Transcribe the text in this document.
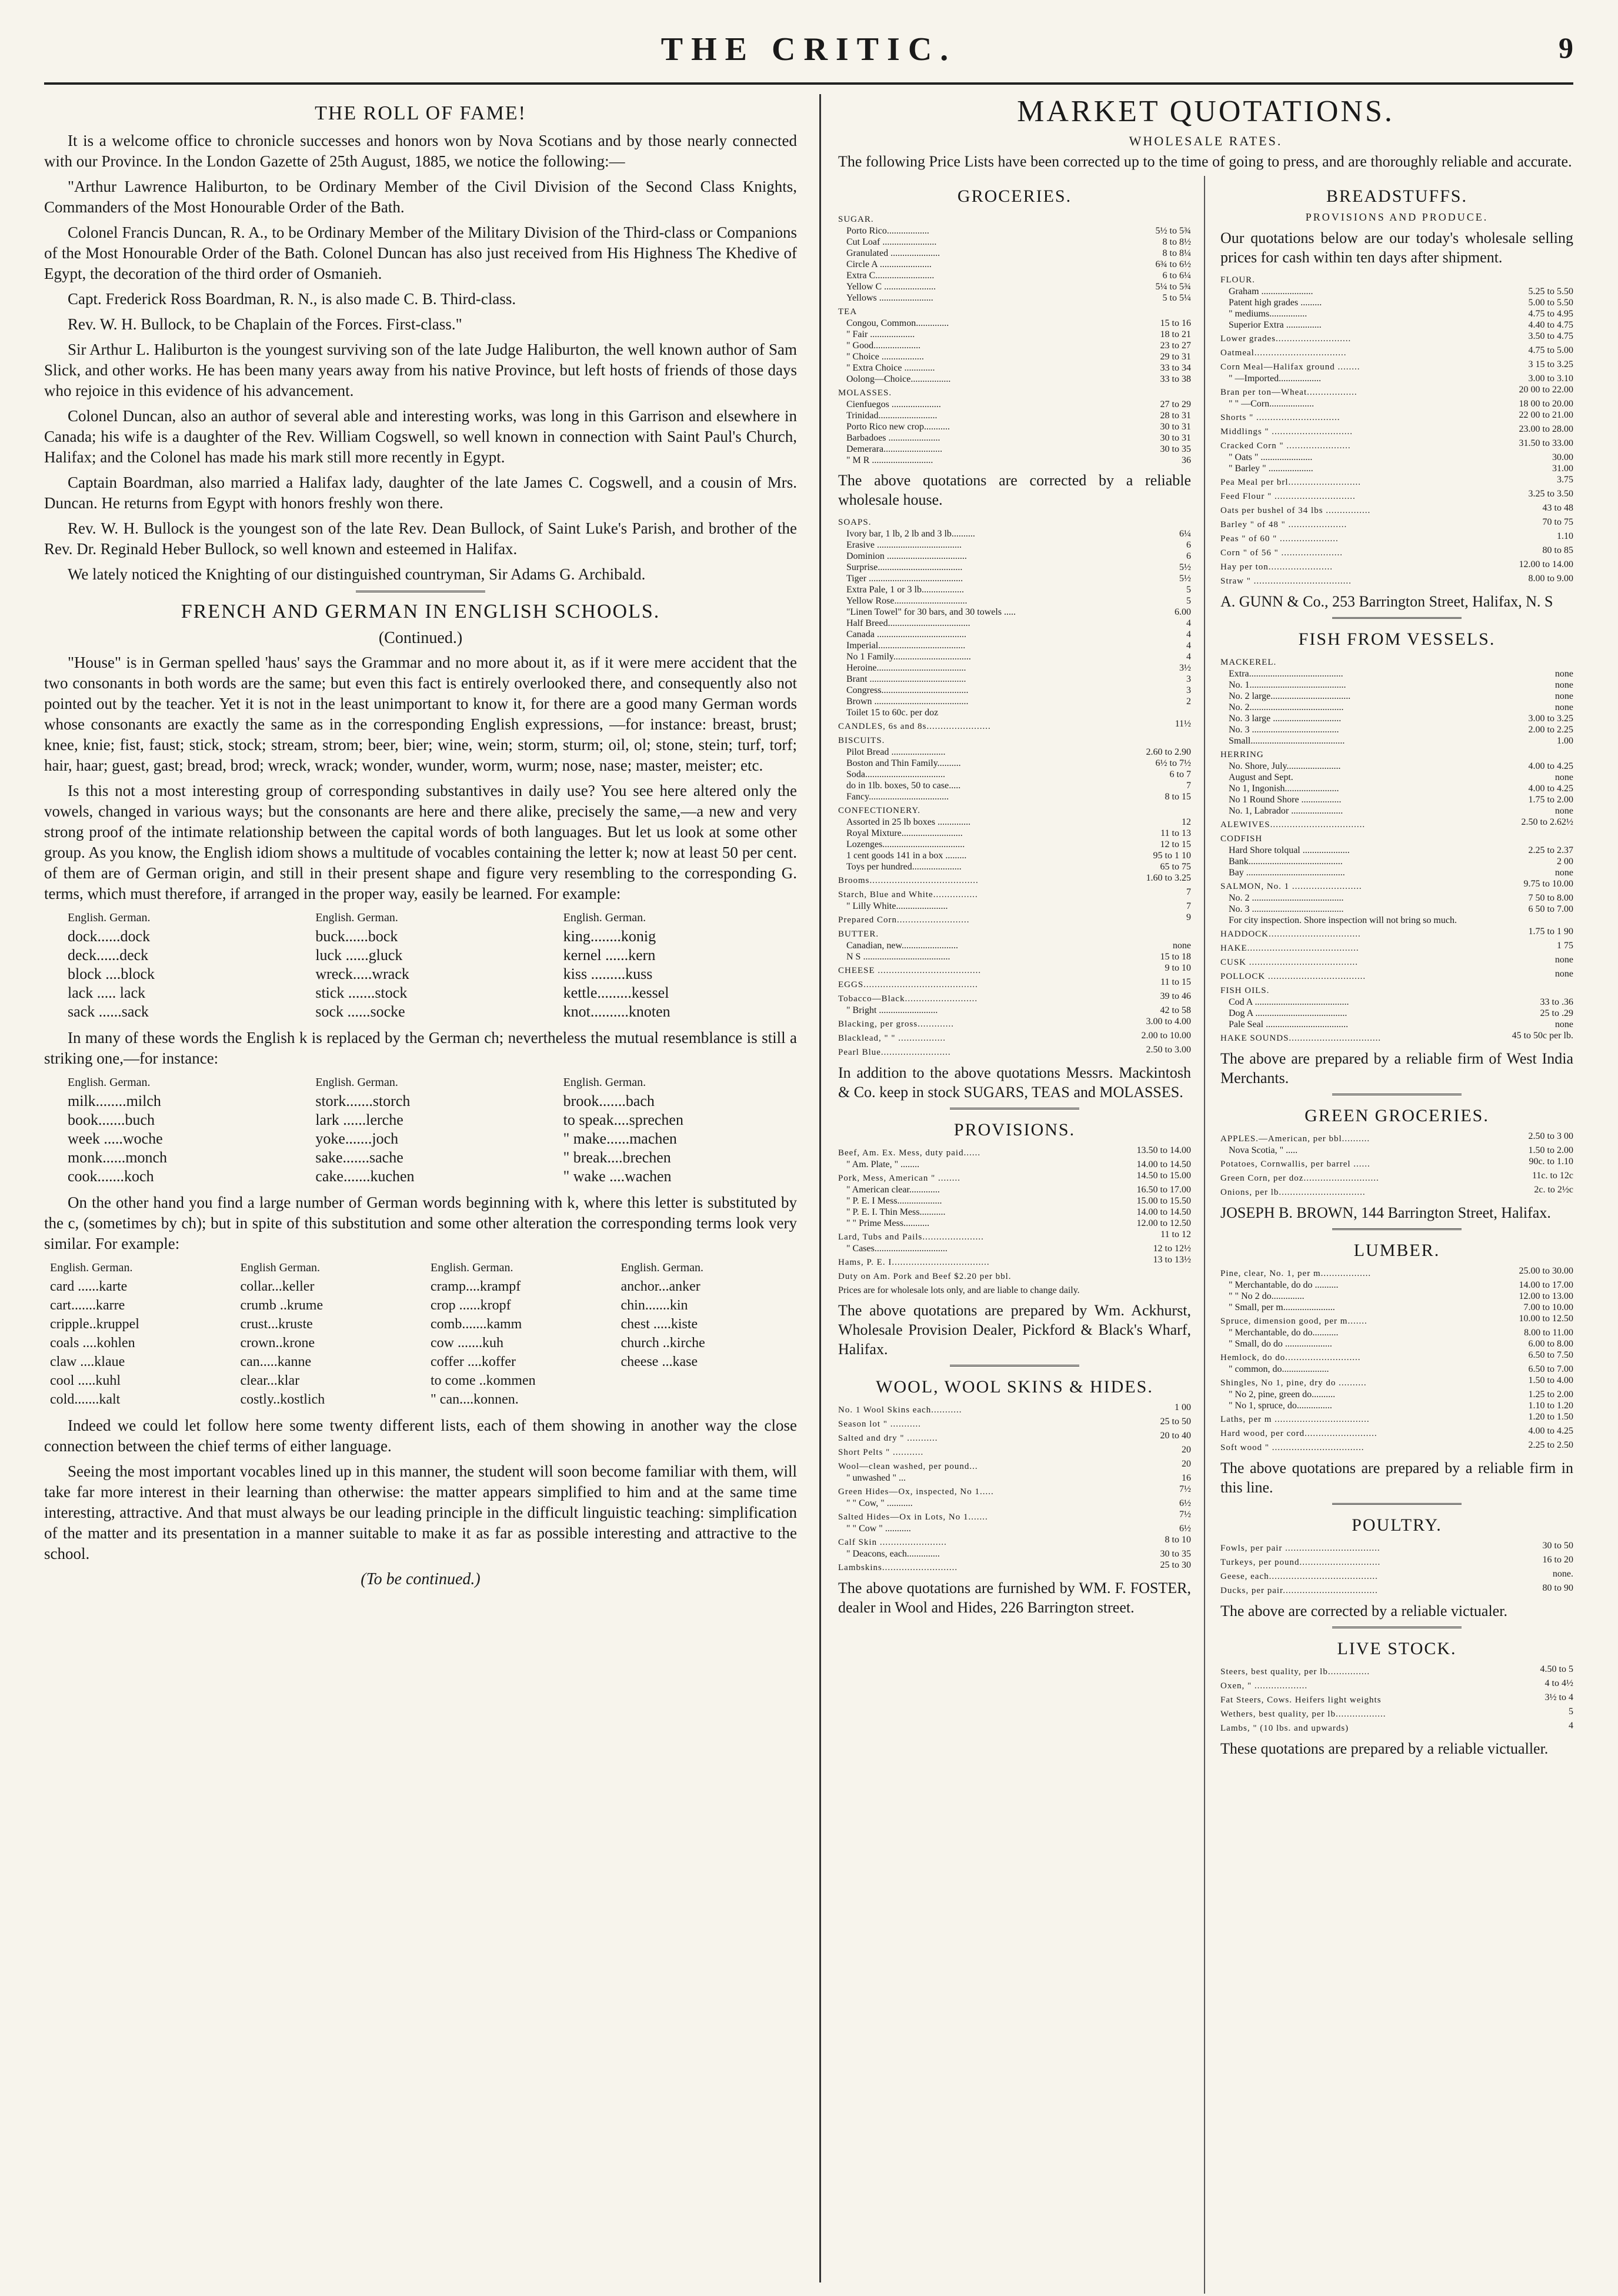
THE CRITIC.	9
THE ROLL OF FAME!

It is a welcome office to chronicle successes and honors won by Nova Scotians and by those nearly connected with our Province. In the London Gazette of 25th August, 1885, we notice the following:—

"Arthur Lawrence Haliburton, to be Ordinary Member of the Civil Division of the Second Class Knights, Commanders of the Most Honourable Order of the Bath.

Colonel Francis Duncan, R. A., to be Ordinary Member of the Military Division of the Third-class or Companions of the Most Honourable Order of the Bath. Colonel Duncan has also just received from His Highness The Khedive of Egypt, the decoration of the third order of Osmanieh.

Capt. Frederick Ross Boardman, R. N., is also made C. B. Third-class.

Rev. W. H. Bullock, to be Chaplain of the Forces. First-class."

Sir Arthur L. Haliburton is the youngest surviving son of the late Judge Haliburton, the well known author of Sam Slick, and other works. He has been many years away from his native Province, but left hosts of friends of those days who rejoice in this evidence of his advancement.

Colonel Duncan, also an author of several able and interesting works, was long in this Garrison and elsewhere in Canada; his wife is a daughter of the Rev. William Cogswell, so well known in connection with Saint Paul's Church, Halifax; and the Colonel has made his mark still more recently in Egypt.

Captain Boardman, also married a Halifax lady, daughter of the late James C. Cogswell, and a cousin of Mrs. Duncan. He returns from Egypt with honors freshly won there.

Rev. W. H. Bullock is the youngest son of the late Rev. Dean Bullock, of Saint Luke's Parish, and brother of the Rev. Dr. Reginald Heber Bullock, so well known and esteemed in Halifax.

We lately noticed the Knighting of our distinguished countryman, Sir Adams G. Archibald.

FRENCH AND GERMAN IN ENGLISH SCHOOLS.
(Continued.)

"House" is in German spelled 'haus' says the Grammar and no more about it, as if it were mere accident that the two consonants in both words are the same; but even this fact is entirely overlooked there, and consequently also not pointed out by the teacher. Yet it is not in the least unimportant to know it, for there are a good many German words whose consonants are exactly the same as in the corresponding English expressions, —for instance: breast, brust; knee, knie; fist, faust; stick, stock; stream, strom; beer, bier; wine, wein; storm, sturm; oil, ol; stone, stein; turf, torf; hair, haar; guest, gast; bread, brod; wreck, wrack; wonder, wunder, worm, wurm; nose, nase; master, meister; etc.

Is this not a most interesting group of corresponding substantives in daily use? You see here altered only the vowels, changed in various ways; but the consonants are here and there alike, precisely the same,—a new and very strong proof of the intimate relationship between the capital words of both languages. But let us look at some other group. As you know, the English idiom shows a multitude of vocables containing the letter k; now at least 50 per cent. of them are of German origin, and still in their present shape and figure very resembling to the corresponding G. terms, which must therefore, if arranged in the proper way, easily be learned. For example:

English. German.	English. German.	English. German.
dock......dock	buck......bock	king........konig
deck......deck	luck ......gluck	kernel ......kern
block ....block	wreck.....wrack	kiss .........kuss
lack ..... lack	stick .......stock	kettle.........kessel
sack ......sack	sock ......socke	knot..........knoten

In many of these words the English k is replaced by the German ch; nevertheless the mutual resemblance is still a striking one,—for instance:

English. German.	English. German.	English. German.
milk........milch	stork.......storch	brook.......bach
book.......buch	lark ......lerche	to speak....sprechen
week .....woche	yoke.......joch	" make......machen
monk......monch	sake.......sache	" break....brechen
cook.......koch	cake.......kuchen	" wake ....wachen

On the other hand you find a large number of German words beginning with k, where this letter is substituted by the c, (sometimes by ch); but in spite of this substitution and some other alteration the corresponding terms look very similar. For example:

English. German.	English German.	English. German.	English. German.
card ......karte	collar...keller	cramp....krampf	anchor...anker
cart.......karre	crumb ..krume	crop ......kropf	chin.......kin
cripple..kruppel	crust...kruste	comb.......kamm	chest .....kiste
coals ....kohlen	crown..krone	cow .......kuh	church ..kirche
claw ....klaue	can.....kanne	coffer ....koffer	cheese ...kase
cool .....kuhl	clear...klar	to come ..kommen
cold.......kalt	costly..kostlich	" can....konnen.

Indeed we could let follow here some twenty different lists, each of them showing in another way the close connection between the chief terms of either language.

Seeing the most important vocables lined up in this manner, the student will soon become familiar with them, will take far more interest in their learning than otherwise: the matter appears simplified to him and at the same time interesting, attractive. And that must always be our leading principle in the difficult linguistic teaching: simplification of the matter and its presentation in a manner suitable to make it as far as possible interesting and attractive to the school.

(To be continued.)
MARKET QUOTATIONS.
WHOLESALE RATES.

The following Price Lists have been corrected up to the time of going to press, and are thoroughly reliable and accurate.

GROCERIES.
SUGAR.	
Porto Rico..................	5½ to 5¾
Cut Loaf .......................	8 to 8½
Granulated .....................	8 to 8¼
Circle A ......................	6¾ to 6½
Extra C.........................	6 to 6¼
Yellow C ......................	5¼ to 5¾
Yellows .......................	5 to 5¼
TEA	
Congou, Common..............	15 to 16
" Fair ...................	18 to 21
" Good....................	23 to 27
" Choice ..................	29 to 31
" Extra Choice .............	33 to 34
Oolong—Choice.................	33 to 38
MOLASSES.	
Cienfuegos .....................	27 to 29
Trinidad.........................	28 to 31
Porto Rico new crop...........	30 to 31
Barbadoes ......................	30 to 31
Demerara.........................	30 to 35
" M R ..........................	36
The above quotations are corrected by a reliable wholesale house.
SOAPS.	
Ivory bar, 1 lb, 2 lb and 3 lb..........	6¼
Erasive ....................................	6
Dominion ..................................	6
Surprise....................................	5½
Tiger ........................................	5½
Extra Pale, 1 or 3 lb..................	5
Yellow Rose...............................	5
"Linen Towel" for 30 bars, and 30 towels .....	6.00
Half Breed...................................	4
Canada ......................................	4
Imperial.....................................	4
No 1 Family.................................	4
Heroine......................................	3½
Brant .........................................	3
Congress.....................................	3
Brown ........................................	2
Toilet 15 to 60c. per doz	
CANDLES, 6s and 8s.......................	11½
BISCUITS.	
Pilot Bread .......................	2.60 to 2.90
Boston and Thin Family..........	6½ to 7½
Soda..................................	6 to 7
do in 1lb. boxes, 50 to case.....	7
Fancy..................................	8 to 15
CONFECTIONERY.	
Assorted in 25 lb boxes ..............	12
Royal Mixture..........................	11 to 13
Lozenges...................................	12 to 15
1 cent goods 141 in a box .........	95 to 1 10
Toys per hundred.....................	65 to 75
Brooms.......................................	1.60 to 3.25
Starch, Blue and White................	7
" Lilly White......................	7
Prepared Corn..........................	9
BUTTER.	
Canadian, new........................	none
N S .....................................	15 to 18
CHEESE .....................................	9 to 10
EGGS.........................................	11 to 15
Tobacco—Black..........................	39 to 46
" Bright .........................	42 to 58
Blacking, per gross.............	3.00 to 4.00
Blacklead, " " .................	2.00 to 10.00
Pearl Blue.........................	2.50 to 3.00
In addition to the above quotations Messrs. Mackintosh & Co. keep in stock SUGARS, TEAS and MOLASSES.
PROVISIONS.
Beef, Am. Ex. Mess, duty paid......	13.50 to 14.00
" Am. Plate, " ........	14.00 to 14.50
Pork, Mess, American " ........	14.50 to 15.00
" American clear.............	16.50 to 17.00
" P. E. I Mess...................	15.00 to 15.50
" P. E. I. Thin Mess...........	14.00 to 14.50
" " Prime Mess...........	12.00 to 12.50
Lard, Tubs and Pails......................	11 to 12
" Cases...............................	12 to 12½
Hams, P. E. I...................................	13 to 13½
Duty on Am. Pork and Beef $2.20 per bbl.	
Prices are for wholesale lots only, and are liable to change daily.
The above quotations are prepared by Wm. Ackhurst, Wholesale Provision Dealer, Pickford & Black's Wharf, Halifax.
WOOL, WOOL SKINS & HIDES.
No. 1 Wool Skins each...........	1 00
Season lot " ...........	25 to 50
Salted and dry " ...........	20 to 40
Short Pelts " ...........	20
Wool—clean washed, per pound...	20
" unwashed " ...	16
Green Hides—Ox, inspected, No 1.....	7½
" " Cow, " ...........	6½
Salted Hides—Ox in Lots, No 1.......	7½
" " Cow " ...........	6½
Calf Skin ........................	8 to 10
" Deacons, each..............	30 to 35
Lambskins...........................	25 to 30
The above quotations are furnished by WM. F. FOSTER, dealer in Wool and Hides, 226 Barrington street.
BREADSTUFFS.
PROVISIONS AND PRODUCE.
Our quotations below are our today's wholesale selling prices for cash within ten days after shipment.
FLOUR.	
Graham ......................	5.25 to 5.50
Patent high grades .........	5.00 to 5.50
" mediums................	4.75 to 4.95
Superior Extra ...............	4.40 to 4.75
Lower grades...........................	3.50 to 4.75
Oatmeal.................................	4.75 to 5.00
Corn Meal—Halifax ground ........	3 15 to 3.25
" —Imported..................	3.00 to 3.10
Bran per ton—Wheat..................	20 00 to 22.00
" " —Corn...................	18 00 to 20.00
Shorts " ..............................	22 00 to 21.00
Middlings " .............................	23.00 to 28.00
Cracked Corn " .......................	31.50 to 33.00
" Oats " ......................	30.00
" Barley " ...................	31.00
Pea Meal per brl..........................	3.75
Feed Flour " .............................	3.25 to 3.50
Oats per bushel of 34 lbs ................	43 to 48
Barley " of 48 " .....................	70 to 75
Peas " of 60 " .....................	1.10
Corn " of 56 " ......................	80 to 85
Hay per ton.......................	12.00 to 14.00
Straw " ...................................	8.00 to 9.00
A. GUNN & Co., 253 Barrington Street, Halifax, N. S
FISH FROM VESSELS.
MACKEREL.	
Extra........................................	none
No. 1.........................................	none
No. 2 large..................................	none
No. 2........................................	none
No. 3 large .............................	3.00 to 3.25
No. 3 .....................................	2.00 to 2.25
Small........................................	1.00
HERRING	
No. Shore, July.......................	4.00 to 4.25
August and Sept.	none
No 1, Ingonish.......................	4.00 to 4.25
No 1 Round Shore .................	1.75 to 2.00
No. 1, Labrador ......................	none
ALEWIVES..................................	2.50 to 2.62½
CODFISH	
Hard Shore tolqual ....................	2.25 to 2.37
Bank........................................	2 00
Bay ..........................................	none
SALMON, No. 1 .........................	9.75 to 10.00
No. 2 .......................................	7 50 to 8.00
No. 3 .......................................	6 50 to 7.00
For city inspection. Shore inspection will not bring so much.	
HADDOCK.................................	1.75 to 1 90
HAKE........................................	1 75
CUSK .......................................	none
POLLOCK ...................................	none
FISH OILS.	
Cod A ........................................	33 to .36
Dog A .......................................	25 to .29
Pale Seal ...................................	none
HAKE SOUNDS.................................	45 to 50c per lb.
The above are prepared by a reliable firm of West India Merchants.
GREEN GROCERIES.
APPLES.—American, per bbl..........	2.50 to 3 00
Nova Scotia, " .....	1.50 to 2.00
Potatoes, Cornwallis, per barrel ......	90c. to 1.10
Green Corn, per doz...........................	11c. to 12c
Onions, per lb...............................	2c. to 2½c
JOSEPH B. BROWN, 144 Barrington Street, Halifax.
LUMBER.
Pine, clear, No. 1, per m..................	25.00 to 30.00
" Merchantable, do do ..........	14.00 to 17.00
" " No 2 do..............	12.00 to 13.00
" Small, per m......................	7.00 to 10.00
Spruce, dimension good, per m.......	10.00 to 12.50
" Merchantable, do do...........	8.00 to 11.00
" Small, do do ....................	6.00 to 8.00
Hemlock, do do...........................	6.50 to 7.50
" common, do....................	6.50 to 7.00
Shingles, No 1, pine, dry do ..........	1.50 to 4.00
" No 2, pine, green do..........	1.25 to 2.00
" No 1, spruce, do...............	1.10 to 1.20
Laths, per m ..................................	1.20 to 1.50
Hard wood, per cord..........................	4.00 to 4.25
Soft wood " .................................	2.25 to 2.50
The above quotations are prepared by a reliable firm in this line.
POULTRY.
Fowls, per pair ..................................	30 to 50
Turkeys, per pound.............................	16 to 20
Geese, each.......................................	none.
Ducks, per pair..................................	80 to 90
The above are corrected by a reliable victualer.
LIVE STOCK.
Steers, best quality, per lb...............	4.50 to 5
Oxen, " ...................	4 to 4½
Fat Steers, Cows. Heifers light weights	3½ to 4
Wethers, best quality, per lb..................	5
Lambs, " (10 lbs. and upwards)	4
These quotations are prepared by a reliable victualler.
